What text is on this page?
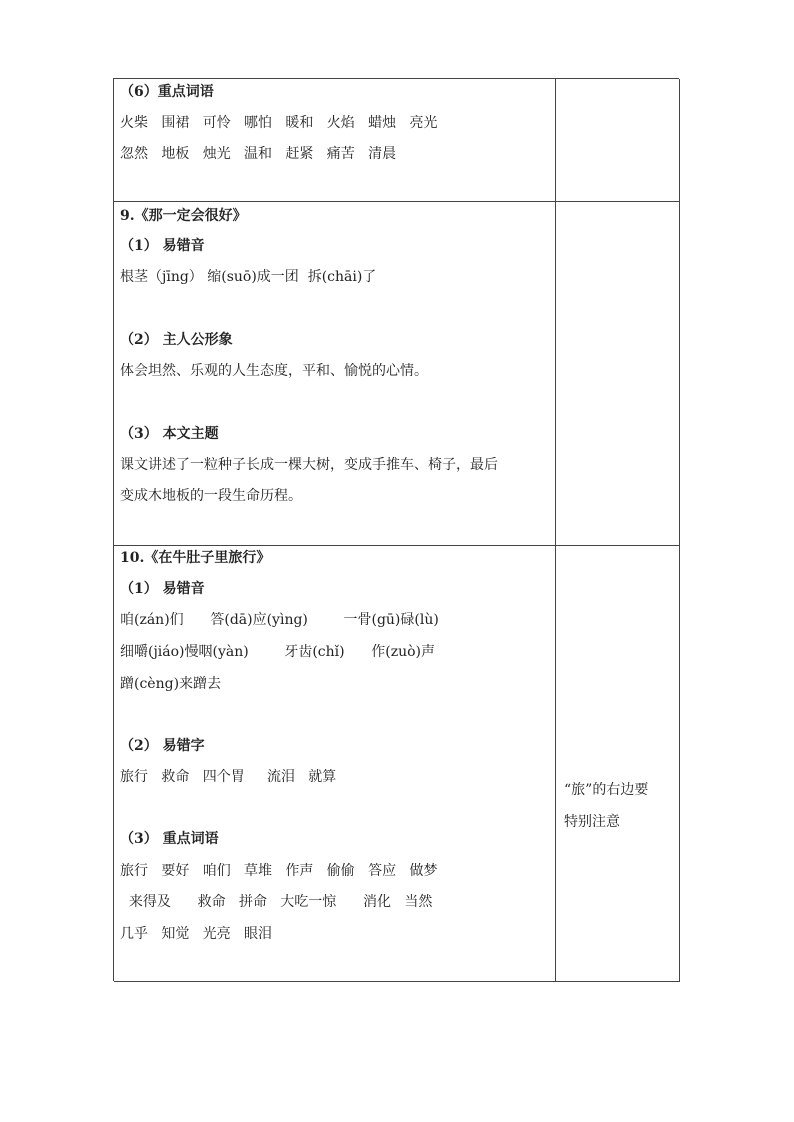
（6）重点词语
火柴   围裙   可怜   哪怕   暖和   火焰   蜡烛   亮光
忽然   地板   烛光   温和   赶紧   痛苦   清晨
9.《那一定会很好》
（1） 易错音
根茎（jīng） 缩(suō)成一团  拆(chāi)了
（2） 主人公形象
体会坦然、乐观的人生态度，平和、愉悦的心情。
（3） 本文主题
课文讲述了一粒种子长成一棵大树，变成手推车、椅子，最后
变成木地板的一段生命历程。
10.《在牛肚子里旅行》
（1） 易错音
咱(zán)们      答(dā)应(yìng)        一骨(gū)碌(lù)
细嚼(jiáo)慢咽(yàn)        牙齿(chǐ)      作(zuò)声
蹭(cèng)来蹭去
（2） 易错字
旅行   救命   四个胃     流泪   就算
（3） 重点词语
旅行   要好   咱们   草堆   作声   偷偷   答应   做梦
来得及      救命   拼命   大吃一惊      消化   当然
几乎   知觉   光亮   眼泪
“旅”的右边要
特别注意
